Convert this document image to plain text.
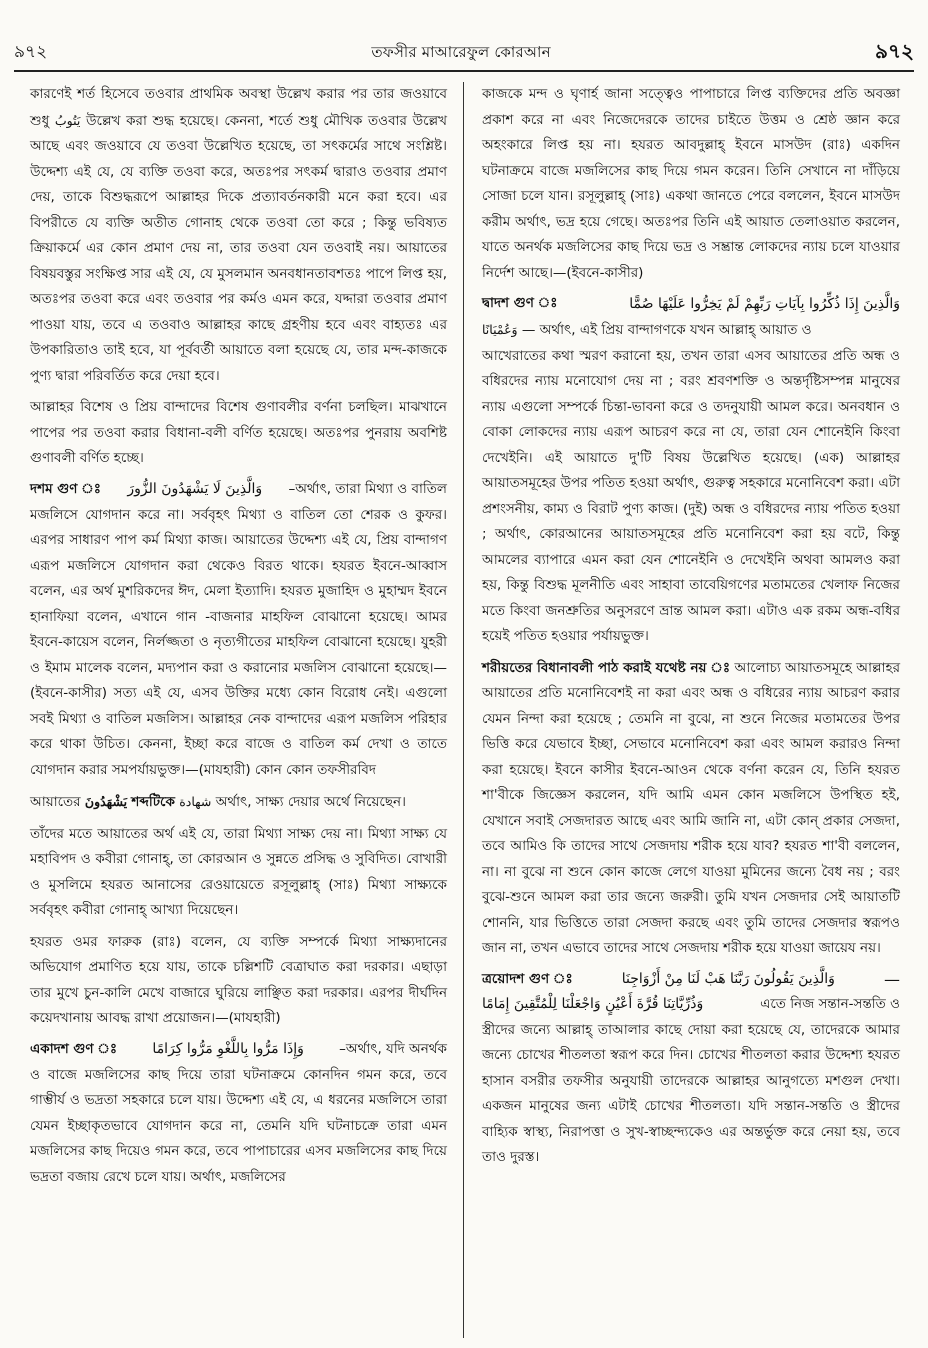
৯৭২	তফসীর মাআরেফুল কোরআন	৯৭২

কারণেই শর্ত হিসেবে তওবার প্রাথমিক অবস্থা উল্লেখ করার পর তার জওয়াবে শুধু يَتُوبُ উল্লেখ করা শুদ্ধ হয়েছে। কেননা, শর্তে শুধু মৌখিক তওবার উল্লেখ আছে এবং জওয়াবে যে তওবা উল্লেখিত হয়েছে, তা সৎকর্মের সাথে সংশ্লিষ্ট। উদ্দেশ্য এই যে, যে ব্যক্তি তওবা করে, অতঃপর সৎকর্ম দ্বারাও তওবার প্রমাণ দেয়, তাকে বিশুদ্ধরূপে আল্লাহর দিকে প্রত্যাবর্তনকারী মনে করা হবে। এর বিপরীতে যে ব্যক্তি অতীত গোনাহ থেকে তওবা তো করে ; কিন্তু ভবিষ্যত ক্রিয়াকর্মে এর কোন প্রমাণ দেয় না, তার তওবা যেন তওবাই নয়। আয়াতের বিষয়বস্তুর সংক্ষিপ্ত সার এই যে, যে মুসলমান অনবধানতাবশতঃ পাপে লিপ্ত হয়, অতঃপর তওবা করে এবং তওবার পর কর্মও এমন করে, যদ্দারা তওবার প্রমাণ পাওয়া যায়, তবে এ তওবাও আল্লাহর কাছে গ্রহণীয় হবে এবং বাহ্যতঃ এর উপকারিতাও তাই হবে, যা পূর্ববর্তী আয়াতে বলা হয়েছে যে, তার মন্দ-কাজকে পুণ্য দ্বারা পরিবর্তিত করে দেয়া হবে।

আল্লাহর বিশেষ ও প্রিয় বান্দাদের বিশেষ গুণাবলীর বর্ণনা চলছিল। মাঝখানে পাপের পর তওবা করার বিধানা-বলী বর্ণিত হয়েছে। অতঃপর পুনরায় অবশিষ্ট গুণাবলী বর্ণিত হচ্ছে।

দশম গুণ ঃ وَالَّذِينَ لَا يَشْهَدُونَ الزُّورَ –অর্থাৎ, তারা মিথ্যা ও বাতিল

মজলিসে যোগদান করে না। সর্ববৃহৎ মিথ্যা ও বাতিল তো শেরক ও কুফর। এরপর সাধারণ পাপ কর্ম মিথ্যা কাজ। আয়াতের উদ্দেশ্য এই যে, প্রিয় বান্দাগণ এরূপ মজলিসে যোগদান করা থেকেও বিরত থাকে। হযরত ইবনে-আব্বাস বলেন, এর অর্থ মুশরিকদের ঈদ, মেলা ইত্যাদি। হযরত মুজাহিদ ও মুহাম্মদ ইবনে হানাফিয়া বলেন, এখানে গান -বাজনার মাহফিল বোঝানো হয়েছে। আমর ইবনে-কায়েস বলেন, নির্লজ্জতা ও নৃত্যগীতের মাহফিল বোঝানো হয়েছে। যুহরী ও ইমাম মালেক বলেন, মদ্যপান করা ও করানোর মজলিস বোঝানো হয়েছে।—(ইবনে-কাসীর) সত্য এই যে, এসব উক্তির মধ্যে কোন বিরোধ নেই। এগুলো সবই মিথ্যা ও বাতিল মজলিস। আল্লাহর নেক বান্দাদের এরূপ মজলিস পরিহার করে থাকা উচিত। কেননা, ইচ্ছা করে বাজে ও বাতিল কর্ম দেখা ও তাতে যোগদান করার সমপর্যায়ভুক্ত।—(মাযহারী) কোন কোন তফসীরবিদ

আয়াতের يَشْهَدُونَ শব্দটিকে شهادة অর্থাৎ, সাক্ষ্য দেয়ার অর্থে নিয়েছেন।

তাঁদের মতে আয়াতের অর্থ এই যে, তারা মিথ্যা সাক্ষ্য দেয় না। মিথ্যা সাক্ষ্য যে মহাবিপদ ও কবীরা গোনাহ্‌, তা কোরআন ও সুন্নতে প্রসিদ্ধ ও সুবিদিত। বোখারী ও মুসলিমে হযরত আনাসের রেওয়ায়েতে রসূলুল্লাহ্‌ (সাঃ) মিথ্যা সাক্ষ্যকে সর্ববৃহৎ কবীরা গোনাহ্‌ আখ্যা দিয়েছেন।

হযরত ওমর ফারুক (রাঃ) বলেন, যে ব্যক্তি সম্পর্কে মিথ্যা সাক্ষ্যদানের অভিযোগ প্রমাণিত হয়ে যায়, তাকে চল্লিশটি বেত্রাঘাত করা দরকার। এছাড়া তার মুখে চুন-কালি মেখে বাজারে ঘুরিয়ে লাঞ্ছিত করা দরকার। এরপর দীর্ঘদিন কয়েদখানায় আবদ্ধ রাখা প্রয়োজন।—(মাযহারী)

একাদশ গুণ ঃ	وَإِذَا مَرُّوا بِاللَّغْوِ مَرُّوا كِرَامًا	–অর্থাৎ, যদি অনর্থক

ও বাজে মজলিসের কাছ দিয়ে তারা ঘটনাক্রমে কোনদিন গমন করে, তবে গাম্ভীর্য ও ভদ্রতা সহকারে চলে যায়। উদ্দেশ্য এই যে, এ ধরনের মজলিসে তারা যেমন ইচ্ছাকৃতভাবে যোগদান করে না, তেমনি যদি ঘটনাচক্রে তারা এমন মজলিসের কাছ দিয়েও গমন করে, তবে পাপাচারের এসব মজলিসের কাছ দিয়ে ভদ্রতা বজায় রেখে চলে যায়। অর্থাৎ, মজলিসের

কাজকে মন্দ ও ঘৃণার্হ জানা সত্ত্বেও পাপাচারে লিপ্ত ব্যক্তিদের প্রতি অবজ্ঞা প্রকাশ করে না এবং নিজেদেরকে তাদের চাইতে উত্তম ও শ্রেষ্ঠ জ্ঞান করে অহংকারে লিপ্ত হয় না। হযরত আবদুল্লাহ্‌ ইবনে মাসউদ (রাঃ) একদিন ঘটনাক্রমে বাজে মজলিসের কাছ দিয়ে গমন করেন। তিনি সেখানে না দাঁড়িয়ে সোজা চলে যান। রসূলুল্লাহ্‌ (সাঃ) একথা জানতে পেরে বললেন, ইবনে মাসউদ করীম অর্থাৎ, ভদ্র হয়ে গেছে। অতঃপর তিনি এই আয়াত তেলাওয়াত করলেন, যাতে অনর্থক মজলিসের কাছ দিয়ে ভদ্র ও সম্ভ্রান্ত লোকদের ন্যায় চলে যাওয়ার নির্দেশ আছে।—(ইবনে-কাসীর)

দ্বাদশ গুণ ঃ	وَالَّذِينَ إِذَا ذُكِّرُوا بِآيَاتِ رَبِّهِمْ لَمْ يَخِرُّوا عَلَيْهَا صُمًّا

وَعُمْيَانًا — অর্থাৎ, এই প্রিয় বান্দাগণকে যখন আল্লাহ্‌ আয়াত ও

আখেরাতের কথা স্মরণ করানো হয়, তখন তারা এসব আয়াতের প্রতি অন্ধ ও বধিরদের ন্যায় মনোযোগ দেয় না ; বরং শ্রবণশক্তি ও অন্তর্দৃষ্টিসম্পন্ন মানুষের ন্যায় এগুলো সম্পর্কে চিন্তা-ভাবনা করে ও তদনুযায়ী আমল করে। অনবধান ও বোকা লোকদের ন্যায় এরূপ আচরণ করে না যে, তারা যেন শোনেইনি কিংবা দেখেইনি। এই আয়াতে দু'টি বিষয় উল্লেখিত হয়েছে। (এক) আল্লাহর আয়াতসমূহের উপর পতিত হওয়া অর্থাৎ, গুরুত্ব সহকারে মনোনিবেশ করা। এটা প্রশংসনীয়, কাম্য ও বিরাট পুণ্য কাজ। (দুই) অন্ধ ও বধিরদের ন্যায় পতিত হওয়া ; অর্থাৎ, কোরআনের আয়াতসমূহের প্রতি মনোনিবেশ করা হয় বটে, কিন্তু আমলের ব্যাপারে এমন করা যেন শোনেইনি ও দেখেইনি অথবা আমলও করা হয়, কিন্তু বিশুদ্ধ মূলনীতি এবং সাহাবা তাবেয়িগণের মতামতের খেলাফ নিজের মতে কিংবা জনশ্রুতির অনুসরণে ভ্রান্ত আমল করা। এটাও এক রকম অন্ধ-বধির হয়েই পতিত হওয়ার পর্যায়ভুক্ত।

শরীয়তের বিধানাবলী পাঠ করাই যথেষ্ট নয় ঃ আলোচ্য আয়াতসমূহে আল্লাহর আয়াতের প্রতি মনোনিবেশই না করা এবং অন্ধ ও বধিরের ন্যায় আচরণ করার যেমন নিন্দা করা হয়েছে ; তেমনি না বুঝে, না শুনে নিজের মতামতের উপর ভিত্তি করে যেভাবে ইচ্ছা, সেভাবে মনোনিবেশ করা এবং আমল করারও নিন্দা করা হয়েছে। ইবনে কাসীর ইবনে-আওন থেকে বর্ণনা করেন যে, তিনি হযরত শা'বীকে জিজ্ঞেস করলেন, যদি আমি এমন কোন মজলিসে উপস্থিত হই, যেখানে সবাই সেজদারত আছে এবং আমি জানি না, এটা কোন্‌ প্রকার সেজদা, তবে আমিও কি তাদের সাথে সেজদায় শরীক হয়ে যাব? হযরত শা'বী বললেন, না। না বুঝে না শুনে কোন কাজে লেগে যাওয়া মুমিনের জন্যে বৈধ নয় ; বরং বুঝে-শুনে আমল করা তার জন্যে জরুরী। তুমি যখন সেজদার সেই আয়াতটি শোননি, যার ভিত্তিতে তারা সেজদা করছে এবং তুমি তাদের সেজদার স্বরূপও জান না, তখন এভাবে তাদের সাথে সেজদায় শরীক হয়ে যাওয়া জায়েয নয়।

ত্রয়োদশ গুণ ঃ	وَالَّذِينَ يَقُولُونَ رَبَّنَا هَبْ لَنَا مِنْ أَزْوَاجِنَا	—
وَذُرِّيَّاتِنَا قُرَّةَ أَعْيُنٍ وَاجْعَلْنَا لِلْمُتَّقِينَ إِمَامًا	এতে নিজ সন্তান-সন্ততি ও

স্ত্রীদের জন্যে আল্লাহ্‌ তাআলার কাছে দোয়া করা হয়েছে যে, তাদেরকে আমার জন্যে চোখের শীতলতা স্বরূপ করে দিন। চোখের শীতলতা করার উদ্দেশ্য হযরত হাসান বসরীর তফসীর অনুযায়ী তাদেরকে আল্লাহর আনুগত্যে মশগুল দেখা। একজন মানুষের জন্য এটাই চোখের শীতলতা। যদি সন্তান-সন্ততি ও স্ত্রীদের বাহ্যিক স্বাস্থ্য, নিরাপত্তা ও সুখ-স্বাচ্ছন্দ্যকেও এর অন্তর্ভুক্ত করে নেয়া হয়, তবে তাও দুরস্ত।
